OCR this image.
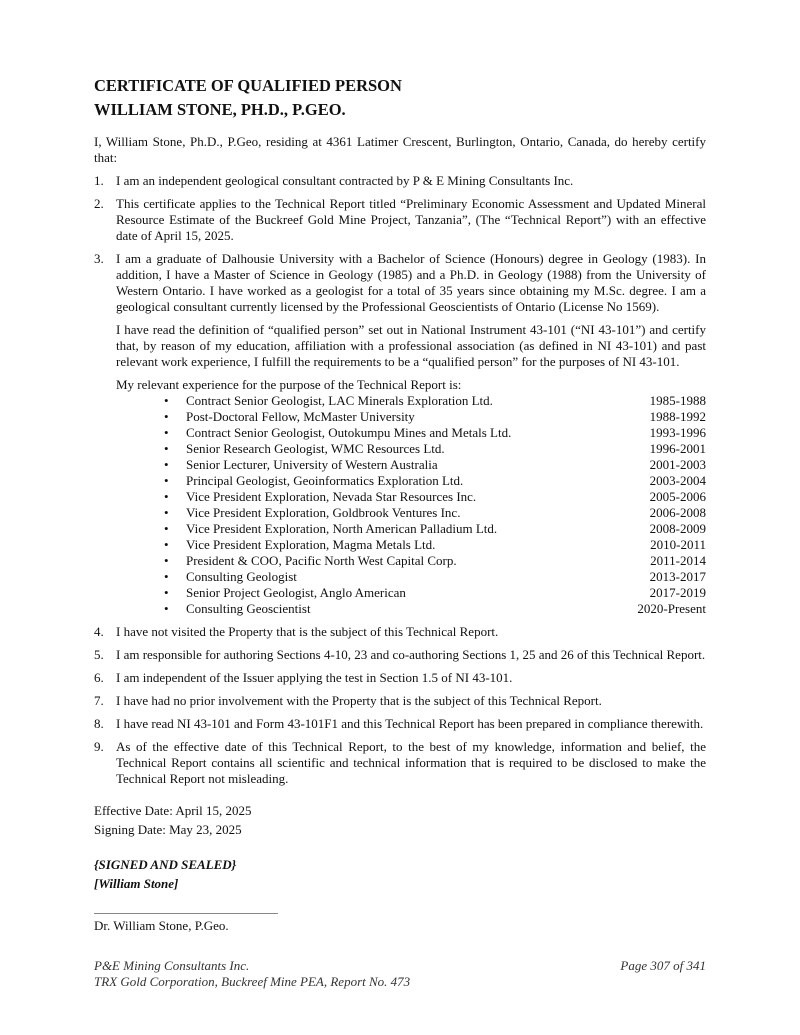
CERTIFICATE OF QUALIFIED PERSON
WILLIAM STONE, PH.D., P.GEO.

I, William Stone, Ph.D., P.Geo, residing at 4361 Latimer Crescent, Burlington, Ontario, Canada, do hereby certify that:

1. I am an independent geological consultant contracted by P & E Mining Consultants Inc.
2. This certificate applies to the Technical Report titled “Preliminary Economic Assessment and Updated Mineral Resource Estimate of the Buckreef Gold Mine Project, Tanzania”, (The “Technical Report”) with an effective date of April 15, 2025.
3. I am a graduate of Dalhousie University with a Bachelor of Science (Honours) degree in Geology (1983). In addition, I have a Master of Science in Geology (1985) and a Ph.D. in Geology (1988) from the University of Western Ontario. I have worked as a geologist for a total of 35 years since obtaining my M.Sc. degree. I am a geological consultant currently licensed by the Professional Geoscientists of Ontario (License No 1569).

I have read the definition of “qualified person” set out in National Instrument 43-101 (“NI 43-101”) and certify that, by reason of my education, affiliation with a professional association (as defined in NI 43-101) and past relevant work experience, I fulfill the requirements to be a “qualified person” for the purposes of NI 43-101.

My relevant experience for the purpose of the Technical Report is:

•	Contract Senior Geologist, LAC Minerals Exploration Ltd.	1985-1988
•	Post-Doctoral Fellow, McMaster University	1988-1992
•	Contract Senior Geologist, Outokumpu Mines and Metals Ltd.	1993-1996
•	Senior Research Geologist, WMC Resources Ltd.	1996-2001
•	Senior Lecturer, University of Western Australia	2001-2003
•	Principal Geologist, Geoinformatics Exploration Ltd.	2003-2004
•	Vice President Exploration, Nevada Star Resources Inc.	2005-2006
•	Vice President Exploration, Goldbrook Ventures Inc.	2006-2008
•	Vice President Exploration, North American Palladium Ltd.	2008-2009
•	Vice President Exploration, Magma Metals Ltd.	2010-2011
•	President & COO, Pacific North West Capital Corp.	2011-2014
•	Consulting Geologist	2013-2017
•	Senior Project Geologist, Anglo American	2017-2019
•	Consulting Geoscientist	2020-Present
4. I have not visited the Property that is the subject of this Technical Report.
5. I am responsible for authoring Sections 4-10, 23 and co-authoring Sections 1, 25 and 26 of this Technical Report.
6. I am independent of the Issuer applying the test in Section 1.5 of NI 43-101.
7. I have had no prior involvement with the Property that is the subject of this Technical Report.
8. I have read NI 43-101 and Form 43-101F1 and this Technical Report has been prepared in compliance therewith.
9. As of the effective date of this Technical Report, to the best of my knowledge, information and belief, the Technical Report contains all scientific and technical information that is required to be disclosed to make the Technical Report not misleading.

Effective Date: April 15, 2025

Signing Date: May 23, 2025

{SIGNED AND SEALED}

[William Stone]

Dr. William Stone, P.Geo.

P&E Mining Consultants Inc.	Page 307 of 341
TRX Gold Corporation, Buckreef Mine PEA, Report No. 473
